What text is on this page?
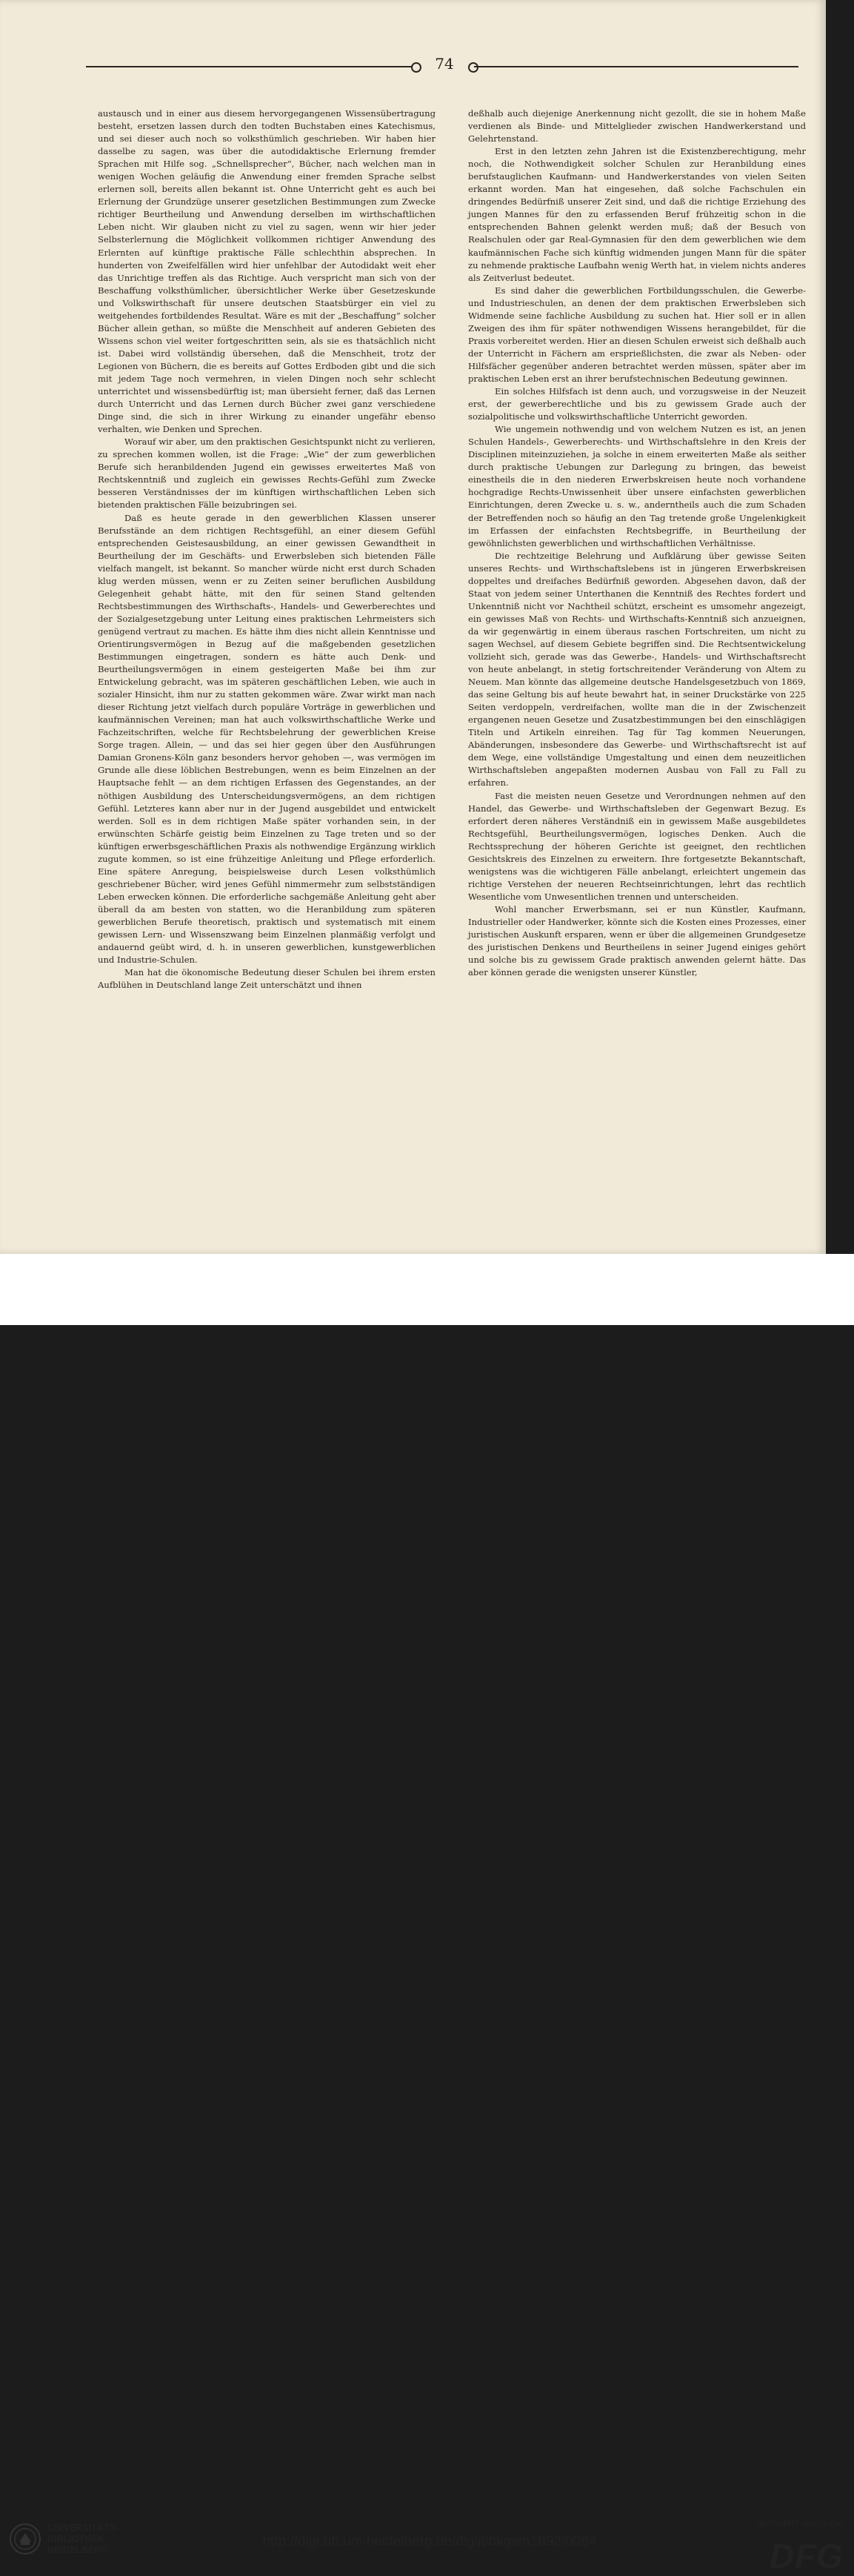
74

austausch und in einer aus diesem hervorgegangenen Wissensübertragung besteht, ersetzen lassen durch den todten Buchstaben eines Katechismus, und sei dieser auch noch so volksthümlich geschrieben. Wir haben hier dasselbe zu sagen, was über die autodidaktische Erlernung fremder Sprachen mit Hilfe sog. „Schnellsprecher“, Bücher, nach welchen man in wenigen Wochen geläufig die Anwendung einer fremden Sprache selbst erlernen soll, bereits allen bekannt ist. Ohne Unterricht geht es auch bei Erlernung der Grundzüge unserer gesetzlichen Bestimmungen zum Zwecke richtiger Beurtheilung und Anwendung derselben im wirthschaftlichen Leben nicht. Wir glauben nicht zu viel zu sagen, wenn wir hier jeder Selbsterlernung die Möglichkeit vollkommen richtiger Anwendung des Erlernten auf künftige praktische Fälle schlechthin absprechen. In hunderten von Zweifelfällen wird hier unfehlbar der Autodidakt weit eher das Unrichtige treffen als das Richtige. Auch verspricht man sich von der Beschaffung volksthümlicher, übersichtlicher Werke über Gesetzeskunde und Volkswirthschaft für unsere deutschen Staatsbürger ein viel zu weitgehendes fortbildendes Resultat. Wäre es mit der „Beschaffung“ solcher Bücher allein gethan, so müßte die Menschheit auf anderen Gebieten des Wissens schon viel weiter fortgeschritten sein, als sie es thatsächlich nicht ist. Dabei wird vollständig übersehen, daß die Menschheit, trotz der Legionen von Büchern, die es bereits auf Gottes Erdboden gibt und die sich mit jedem Tage noch vermehren, in vielen Dingen noch sehr schlecht unterrichtet und wissensbedürftig ist; man übersieht ferner, daß das Lernen durch Unterricht und das Lernen durch Bücher zwei ganz verschiedene Dinge sind, die sich in ihrer Wirkung zu einander ungefähr ebenso verhalten, wie Denken und Sprechen.

Worauf wir aber, um den praktischen Gesichtspunkt nicht zu verlieren, zu sprechen kommen wollen, ist die Frage: „Wie“ der zum gewerblichen Berufe sich heranbildenden Jugend ein gewisses erweitertes Maß von Rechtskenntniß und zugleich ein gewisses Rechts-Gefühl zum Zwecke besseren Verständnisses der im künftigen wirthschaftlichen Leben sich bietenden praktischen Fälle beizubringen sei.

Daß es heute gerade in den gewerblichen Klassen unserer Berufsstände an dem richtigen Rechtsgefühl, an einer diesem Gefühl entsprechenden Geistesausbildung, an einer gewissen Gewandtheit in Beurtheilung der im Geschäfts- und Erwerbsleben sich bietenden Fälle vielfach mangelt, ist bekannt. So mancher würde nicht erst durch Schaden klug werden müssen, wenn er zu Zeiten seiner beruflichen Ausbildung Gelegenheit gehabt hätte, mit den für seinen Stand geltenden Rechtsbestimmungen des Wirthschafts-, Handels- und Gewerberechtes und der Sozialgesetzgebung unter Leitung eines praktischen Lehrmeisters sich genügend vertraut zu machen. Es hätte ihm dies nicht allein Kenntnisse und Orientirungsvermögen in Bezug auf die maßgebenden gesetzlichen Bestimmungen eingetragen, sondern es hätte auch Denk- und Beurtheilungsvermögen in einem gesteigerten Maße bei ihm zur Entwickelung gebracht, was im späteren geschäftlichen Leben, wie auch in sozialer Hinsicht, ihm nur zu statten gekommen wäre. Zwar wirkt man nach dieser Richtung jetzt vielfach durch populäre Vorträge in gewerblichen und kaufmännischen Vereinen; man hat auch volkswirthschaftliche Werke und Fachzeitschriften, welche für Rechtsbelehrung der gewerblichen Kreise Sorge tragen. Allein, — und das sei hier gegen über den Ausführungen Damian Gronens-Köln ganz besonders hervor gehoben —, was vermögen im Grunde alle diese löblichen Bestrebungen, wenn es beim Einzelnen an der Hauptsache fehlt — an dem richtigen Erfassen des Gegenstandes, an der nöthigen Ausbildung des Unterscheidungsvermögens, an dem richtigen Gefühl. Letzteres kann aber nur in der Jugend ausgebildet und entwickelt werden. Soll es in dem richtigen Maße später vorhanden sein, in der erwünschten Schärfe geistig beim Einzelnen zu Tage treten und so der künftigen erwerbsgeschäftlichen Praxis als nothwendige Ergänzung wirklich zugute kommen, so ist eine frühzeitige Anleitung und Pflege erforderlich. Eine spätere Anregung, beispielsweise durch Lesen volksthümlich geschriebener Bücher, wird jenes Gefühl nimmermehr zum selbstständigen Leben erwecken können. Die erforderliche sachgemäße Anleitung geht aber überall da am besten von statten, wo die Heranbildung zum späteren gewerblichen Berufe theoretisch, praktisch und systematisch mit einem gewissen Lern- und Wissenszwang beim Einzelnen planmäßig verfolgt und andauernd geübt wird, d. h. in unseren gewerblichen, kunstgewerblichen und Industrie-Schulen.

Man hat die ökonomische Bedeutung dieser Schulen bei ihrem ersten Aufblühen in Deutschland lange Zeit unterschätzt und ihnen

deßhalb auch diejenige Anerkennung nicht gezollt, die sie in hohem Maße verdienen als Binde- und Mittelglieder zwischen Handwerkerstand und Gelehrtenstand.

Erst in den letzten zehn Jahren ist die Existenzberechtigung, mehr noch, die Nothwendigkeit solcher Schulen zur Heranbildung eines berufstauglichen Kaufmann- und Handwerkerstandes von vielen Seiten erkannt worden. Man hat eingesehen, daß solche Fachschulen ein dringendes Bedürfniß unserer Zeit sind, und daß die richtige Erziehung des jungen Mannes für den zu erfassenden Beruf frühzeitig schon in die entsprechenden Bahnen gelenkt werden muß; daß der Besuch von Realschulen oder gar Real-Gymnasien für den dem gewerblichen wie dem kaufmännischen Fache sich künftig widmenden jungen Mann für die später zu nehmende praktische Laufbahn wenig Werth hat, in vielem nichts anderes als Zeitverlust bedeutet.

Es sind daher die gewerblichen Fortbildungsschulen, die Gewerbe- und Industrieschulen, an denen der dem praktischen Erwerbsleben sich Widmende seine fachliche Ausbildung zu suchen hat. Hier soll er in allen Zweigen des ihm für später nothwendigen Wissens herangebildet, für die Praxis vorbereitet werden. Hier an diesen Schulen erweist sich deßhalb auch der Unterricht in Fächern am ersprießlichsten, die zwar als Neben- oder Hilfsfächer gegenüber anderen betrachtet werden müssen, später aber im praktischen Leben erst an ihrer berufstechnischen Bedeutung gewinnen.

Ein solches Hilfsfach ist denn auch, und vorzugsweise in der Neuzeit erst, der gewerberechtliche und bis zu gewissem Grade auch der sozialpolitische und volkswirthschaftliche Unterricht geworden.

Wie ungemein nothwendig und von welchem Nutzen es ist, an jenen Schulen Handels-, Gewerberechts- und Wirthschaftslehre in den Kreis der Disciplinen miteinzuziehen, ja solche in einem erweiterten Maße als seither durch praktische Uebungen zur Darlegung zu bringen, das beweist einestheils die in den niederen Erwerbskreisen heute noch vorhandene hochgradige Rechts-Unwissenheit über unsere einfachsten gewerblichen Einrichtungen, deren Zwecke u. s. w., anderntheils auch die zum Schaden der Betreffenden noch so häufig an den Tag tretende große Ungelenkigkeit im Erfassen der einfachsten Rechtsbegriffe, in Beurtheilung der gewöhnlichsten gewerblichen und wirthschaftlichen Verhältnisse.

Die rechtzeitige Belehrung und Aufklärung über gewisse Seiten unseres Rechts- und Wirthschaftslebens ist in jüngeren Erwerbskreisen doppeltes und dreifaches Bedürfniß geworden. Abgesehen davon, daß der Staat von jedem seiner Unterthanen die Kenntniß des Rechtes fordert und Unkenntniß nicht vor Nachtheil schützt, erscheint es umsomehr angezeigt, ein gewisses Maß von Rechts- und Wirthschafts-Kenntniß sich anzueignen, da wir gegenwärtig in einem überaus raschen Fortschreiten, um nicht zu sagen Wechsel, auf diesem Gebiete begriffen sind. Die Rechtsentwickelung vollzieht sich, gerade was das Gewerbe-, Handels- und Wirthschaftsrecht von heute anbelangt, in stetig fortschreitender Veränderung von Altem zu Neuem. Man könnte das allgemeine deutsche Handelsgesetzbuch von 1869, das seine Geltung bis auf heute bewahrt hat, in seiner Druckstärke von 225 Seiten verdoppeln, verdreifachen, wollte man die in der Zwischenzeit ergangenen neuen Gesetze und Zusatzbestimmungen bei den einschlägigen Titeln und Artikeln einreihen. Tag für Tag kommen Neuerungen, Abänderungen, insbesondere das Gewerbe- und Wirthschaftsrecht ist auf dem Wege, eine vollständige Umgestaltung und einen dem neuzeitlichen Wirthschaftsleben angepaßten modernen Ausbau von Fall zu Fall zu erfahren.

Fast die meisten neuen Gesetze und Verordnungen nehmen auf den Handel, das Gewerbe- und Wirthschaftsleben der Gegenwart Bezug. Es erfordert deren näheres Verständniß ein in gewissem Maße ausgebildetes Rechtsgefühl, Beurtheilungsvermögen, logisches Denken. Auch die Rechtssprechung der höheren Gerichte ist geeignet, den rechtlichen Gesichtskreis des Einzelnen zu erweitern. Ihre fortgesetzte Bekanntschaft, wenigstens was die wichtigeren Fälle anbelangt, erleichtert ungemein das richtige Verstehen der neueren Rechtseinrichtungen, lehrt das rechtlich Wesentliche vom Unwesentlichen trennen und unterscheiden.

Wohl mancher Erwerbsmann, sei er nun Künstler, Kaufmann, Industrieller oder Handwerker, könnte sich die Kosten eines Prozesses, einer juristischen Auskunft ersparen, wenn er über die allgemeinen Grundgesetze des juristischen Denkens und Beurtheilens in seiner Jugend einiges gehört und solche bis zu gewissem Grade praktisch anwenden gelernt hätte. Das aber können gerade die wenigsten unserer Künstler,

UNIVERSITÄTS-
BIBLIOTHEK
HEIDELBERG
http://digi.ub.uni-heidelberg.de/diglit/bkgvm1892/0084
gefördert durch die
DFG
